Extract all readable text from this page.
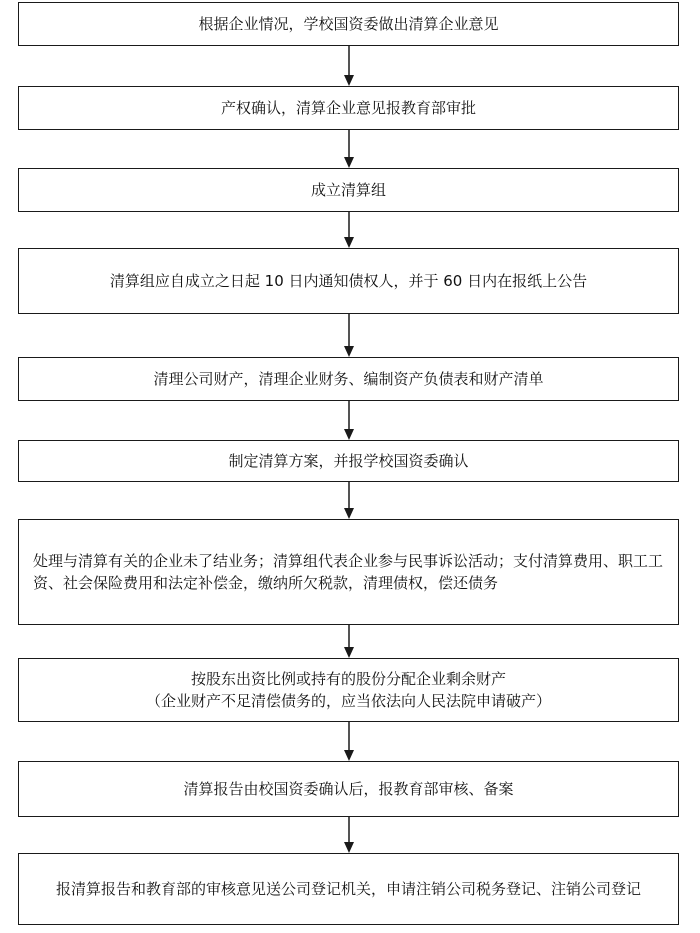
根据企业情况，学校国资委做出清算企业意见
产权确认，清算企业意见报教育部审批
成立清算组
清算组应自成立之日起 10 日内通知债权人，并于 60 日内在报纸上公告
清理公司财产，清理企业财务、编制资产负债表和财产清单
制定清算方案，并报学校国资委确认
处理与清算有关的企业未了结业务；清算组代表企业参与民事诉讼活动；支付清算费用、职工工资、社会保险费用和法定补偿金，缴纳所欠税款，清理债权，偿还债务
按股东出资比例或持有的股份分配企业剩余财产
（企业财产不足清偿债务的，应当依法向人民法院申请破产）
清算报告由校国资委确认后，报教育部审核、备案
报清算报告和教育部的审核意见送公司登记机关，申请注销公司税务登记、注销公司登记
